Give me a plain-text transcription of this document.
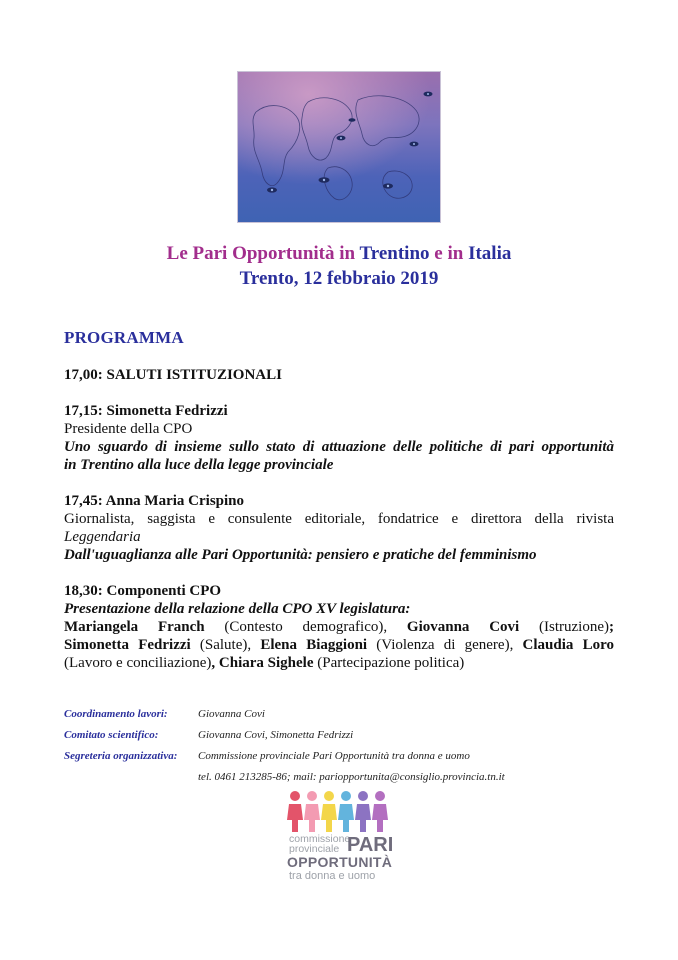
Le Pari Opportunità in Trentino e in Italia
Trento, 12 febbraio 2019
PROGRAMMA
17,00: SALUTI ISTITUZIONALI
17,15: Simonetta Fedrizzi
Presidente della CPO
Uno sguardo di insieme sullo stato di attuazione delle politiche di pari opportunità
in Trentino alla luce della legge provinciale
17,45: Anna Maria Crispino
Giornalista, saggista e consulente editoriale, fondatrice e direttora della rivista
Leggendaria
Dall'uguaglianza alle Pari Opportunità: pensiero e pratiche del femminismo
18,30: Componenti CPO
Presentazione della relazione della CPO XV legislatura:
Mariangela Franch (Contesto demografico), Giovanna Covi (Istruzione);
Simonetta Fedrizzi (Salute), Elena Biaggioni (Violenza di genere), Claudia Loro
(Lavoro e conciliazione), Chiara Sighele (Partecipazione politica)
Coordinamento lavori:	Giovanna Covi
Comitato scientifico:	Giovanna Covi, Simonetta Fedrizzi
Segreteria organizzativa: Commissione provinciale Pari Opportunità tra donna e uomo
tel. 0461 213285-86; mail: pariopportunita@consiglio.provincia.tn.it
commissione
provinciale PARI
OPPORTUNITÀ
tra donna e uomo
